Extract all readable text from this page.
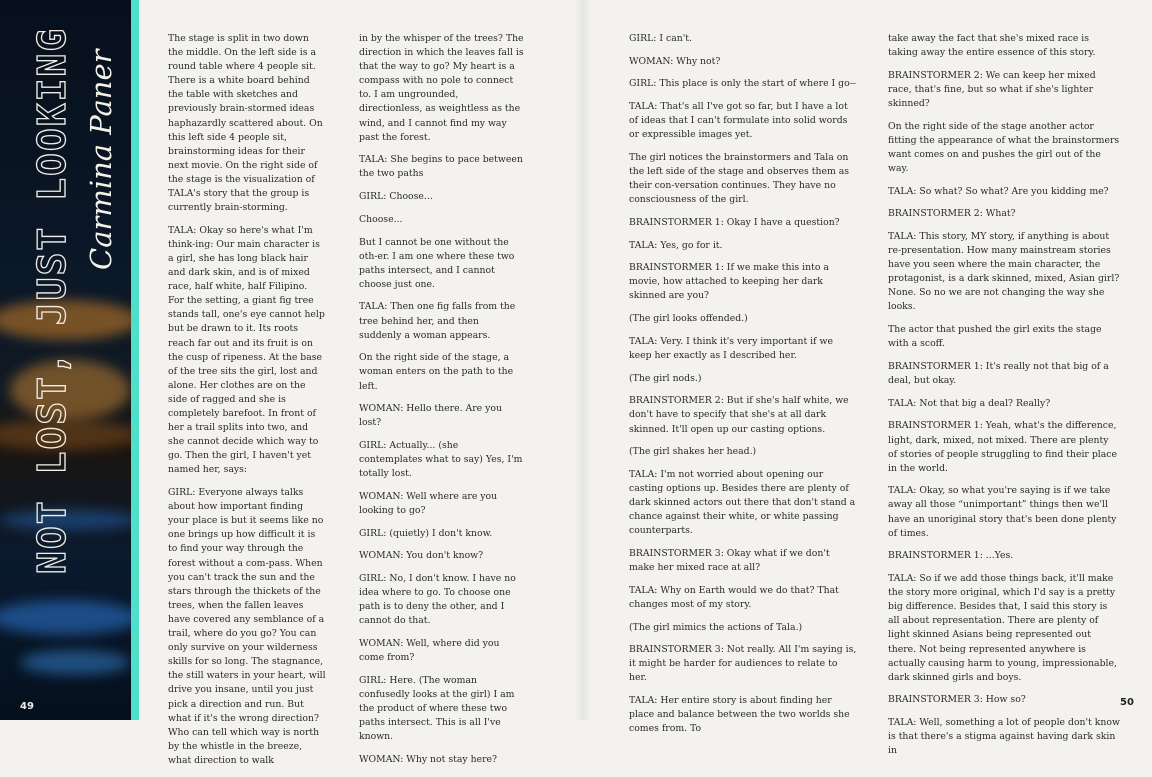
NOT LOST, JUST LOOKING Carmina Paner
49	50

The stage is split in two down the middle. On the left side is a round table where 4 people sit. There is a white board behind the table with sketches and previously brain-stormed ideas haphazardly scattered about. On this left side 4 people sit, brainstorming ideas for their next movie. On the right side of the stage is the visualization of TALA's story that the group is currently brain-storming.

TALA: Okay so here's what I'm think-ing: Our main character is a girl, she has long black hair and dark skin, and is of mixed race, half white, half Filipino. For the setting, a giant fig tree stands tall, one's eye cannot help but be drawn to it. Its roots reach far out and its fruit is on the cusp of ripeness. At the base of the tree sits the girl, lost and alone. Her clothes are on the side of ragged and she is completely barefoot. In front of her a trail splits into two, and she cannot decide which way to go. Then the girl, I haven't yet named her, says:

GIRL: Everyone always talks about how important finding your place is but it seems like no one brings up how difficult it is to find your way through the forest without a com-pass. When you can't track the sun and the stars through the thickets of the trees, when the fallen leaves have covered any semblance of a trail, where do you go? You can only survive on your wilderness skills for so long. The stagnance, the still waters in your heart, will drive you insane, until you just pick a direction and run. But what if it's the wrong direction? Who can tell which way is north by the whistle in the breeze, what direction to walk

in by the whisper of the trees? The direction in which the leaves fall is that the way to go? My heart is a compass with no pole to connect to. I am ungrounded, directionless, as weightless as the wind, and I cannot find my way past the forest.

TALA: She begins to pace between the two paths

GIRL: Choose...

Choose...

But I cannot be one without the oth-er. I am one where these two paths intersect, and I cannot choose just one.

TALA: Then one fig falls from the tree behind her, and then suddenly a woman appears.

On the right side of the stage, a woman enters on the path to the left.

WOMAN: Hello there. Are you lost?

GIRL: Actually... (she contemplates what to say) Yes, I'm totally lost.

WOMAN: Well where are you looking to go?

GIRL: (quietly) I don't know.

WOMAN: You don't know?

GIRL: No, I don't know. I have no idea where to go. To choose one path is to deny the other, and I cannot do that.

WOMAN: Well, where did you come from?

GIRL: Here. (The woman confusedly looks at the girl) I am the product of where these two paths intersect. This is all I've known.

WOMAN: Why not stay here?

GIRL: I can't.

WOMAN: Why not?

GIRL: This place is only the start of where I go--

TALA: That's all I've got so far, but I have a lot of ideas that I can't formulate into solid words or expressible images yet.

The girl notices the brainstormers and Tala on the left side of the stage and observes them as their con-versation continues. They have no consciousness of the girl.

BRAINSTORMER 1: Okay I have a question?

TALA: Yes, go for it.

BRAINSTORMER 1: If we make this into a movie, how attached to keeping her dark skinned are you?

(The girl looks offended.)

TALA: Very. I think it's very important if we keep her exactly as I described her.

(The girl nods.)

BRAINSTORMER 2: But if she's half white, we don't have to specify that she's at all dark skinned. It'll open up our casting options.

(The girl shakes her head.)

TALA: I'm not worried about opening our casting options up. Besides there are plenty of dark skinned actors out there that don't stand a chance against their white, or white passing counterparts.

BRAINSTORMER 3: Okay what if we don't make her mixed race at all?

TALA: Why on Earth would we do that? That changes most of my story.

(The girl mimics the actions of Tala.)

BRAINSTORMER 3: Not really. All I'm saying is, it might be harder for audiences to relate to her.

TALA: Her entire story is about finding her place and balance between the two worlds she comes from. To

take away the fact that she's mixed race is taking away the entire essence of this story.

BRAINSTORMER 2: We can keep her mixed race, that's fine, but so what if she's lighter skinned?

On the right side of the stage another actor fitting the appearance of what the brainstormers want comes on and pushes the girl out of the way.

TALA: So what? So what? Are you kidding me?

BRAINSTORMER 2: What?

TALA: This story, MY story, if anything is about re-presentation. How many mainstream stories have you seen where the main character, the protagonist, is a dark skinned, mixed, Asian girl? None. So no we are not changing the way she looks.

The actor that pushed the girl exits the stage with a scoff.

BRAINSTORMER 1: It's really not that big of a deal, but okay.

TALA: Not that big a deal? Really?

BRAINSTORMER 1: Yeah, what's the difference, light, dark, mixed, not mixed. There are plenty of stories of people struggling to find their place in the world.

TALA: Okay, so what you're saying is if we take away all those “unimportant” things then we'll have an unoriginal story that's been done plenty of times.

BRAINSTORMER 1: ...Yes.

TALA: So if we add those things back, it'll make the story more original, which I'd say is a pretty big difference. Besides that, I said this story is all about representation. There are plenty of light skinned Asians being represented out there. Not being represented anywhere is actually causing harm to young, impressionable, dark skinned girls and boys.

BRAINSTORMER 3: How so?

TALA: Well, something a lot of people don't know is that there's a stigma against having dark skin in
